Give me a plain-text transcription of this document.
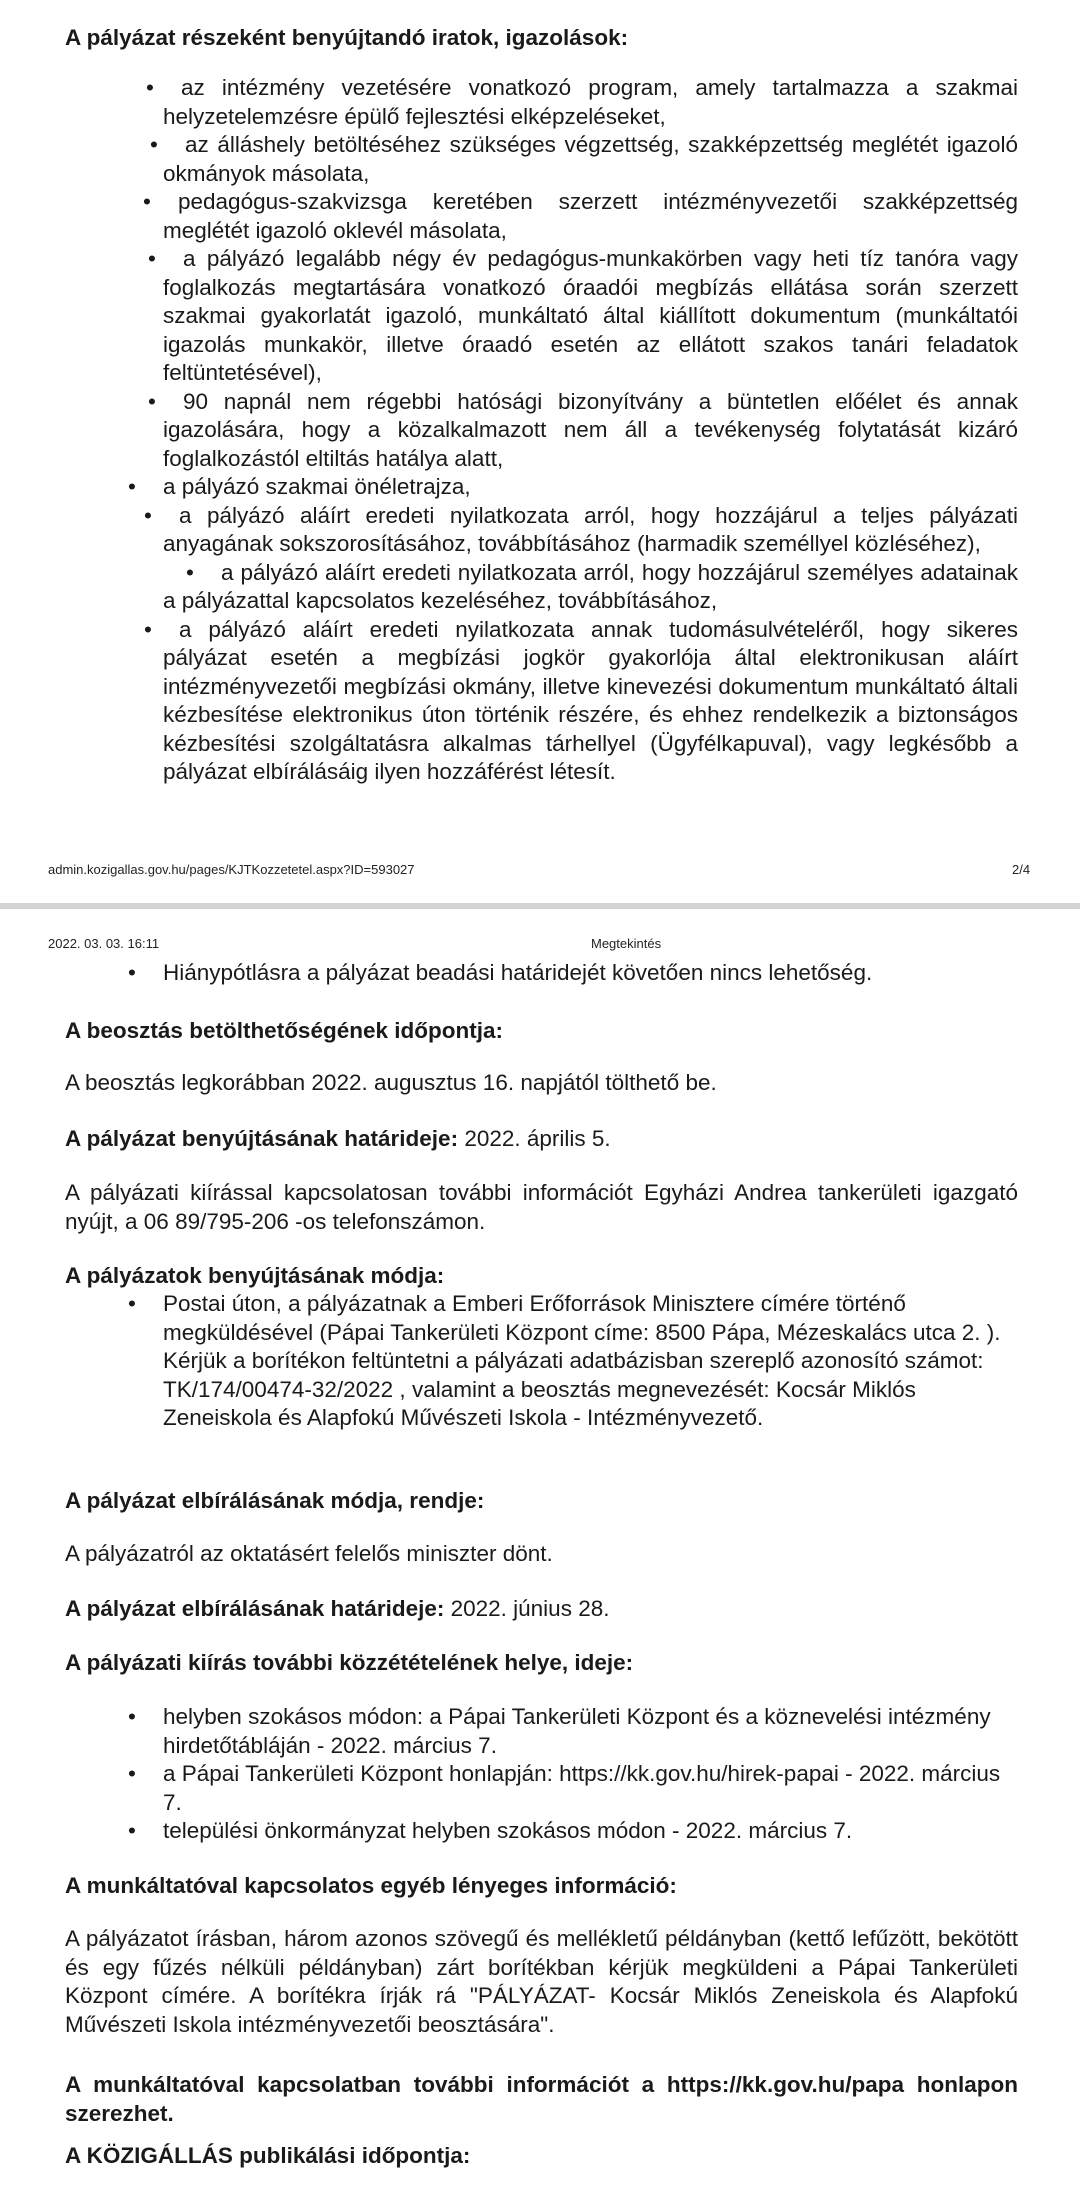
A pályázat részeként benyújtandó iratok, igazolások:

• az intézmény vezetésére vonatkozó program, amely tartalmazza a szakmai helyzetelemzésre épülő fejlesztési elképzeléseket,
• az álláshely betöltéséhez szükséges végzettség, szakképzettség meglétét igazoló okmányok másolata,
• pedagógus-szakvizsga keretében szerzett intézményvezetői szakképzettség meglétét igazoló oklevél másolata,
• a pályázó legalább négy év pedagógus-munkakörben vagy heti tíz tanóra vagy foglalkozás megtartására vonatkozó óraadói megbízás ellátása során szerzett szakmai gyakorlatát igazoló, munkáltató által kiállított dokumentum (munkáltatói igazolás munkakör, illetve óraadó esetén az ellátott szakos tanári feladatok feltüntetésével),
• 90 napnál nem régebbi hatósági bizonyítvány a büntetlen előélet és annak igazolására, hogy a közalkalmazott nem áll a tevékenység folytatását kizáró foglalkozástól eltiltás hatálya alatt,
• a pályázó szakmai önéletrajza,
• a pályázó aláírt eredeti nyilatkozata arról, hogy hozzájárul a teljes pályázati anyagának sokszorosításához, továbbításához (harmadik személlyel közléséhez),
• a pályázó aláírt eredeti nyilatkozata arról, hogy hozzájárul személyes adatainak a pályázattal kapcsolatos kezeléséhez, továbbításához,
• a pályázó aláírt eredeti nyilatkozata annak tudomásulvételéről, hogy sikeres pályázat esetén a megbízási jogkör gyakorlója által elektronikusan aláírt intézményvezetői megbízási okmány, illetve kinevezési dokumentum munkáltató általi kézbesítése elektronikus úton történik részére, és ehhez rendelkezik a biztonságos kézbesítési szolgáltatásra alkalmas tárhellyel (Ügyfélkapuval), vagy legkésőbb a pályázat elbírálásáig ilyen hozzáférést létesít.
admin.kozigallas.gov.hu/pages/KJTKozzetetel.aspx?ID=593027	2/4
2022. 03. 03. 16:11	Megtekintés
• Hiánypótlásra a pályázat beadási határidejét követően nincs lehetőség.

A beosztás betölthetőségének időpontja:

A beosztás legkorábban 2022. augusztus 16. napjától tölthető be.

A pályázat benyújtásának határideje: 2022. április 5.

A pályázati kiírással kapcsolatosan további információt Egyházi Andrea tankerületi igazgató nyújt, a 06 89/795-206 -os telefonszámon.

A pályázatok benyújtásának módja:

• Postai úton, a pályázatnak a Emberi Erőforrások Minisztere címére történő megküldésével (Pápai Tankerületi Központ címe: 8500 Pápa, Mézeskalács utca 2. ). Kérjük a borítékon feltüntetni a pályázati adatbázisban szereplő azonosító számot: TK/174/00474-32/2022 , valamint a beosztás megnevezését: Kocsár Miklós Zeneiskola és Alapfokú Művészeti Iskola - Intézményvezető.

A pályázat elbírálásának módja, rendje:

A pályázatról az oktatásért felelős miniszter dönt.

A pályázat elbírálásának határideje: 2022. június 28.

A pályázati kiírás további közzétételének helye, ideje:

• helyben szokásos módon: a Pápai Tankerületi Központ és a köznevelési intézmény hirdetőtábláján - 2022. március 7.
• a Pápai Tankerületi Központ honlapján: https://kk.gov.hu/hirek-papai - 2022. március 7.
• települési önkormányzat helyben szokásos módon - 2022. március 7.

A munkáltatóval kapcsolatos egyéb lényeges információ:

A pályázatot írásban, három azonos szövegű és mellékletű példányban (kettő lefűzött, bekötött és egy fűzés nélküli példányban) zárt borítékban kérjük megküldeni a Pápai Tankerületi Központ címére. A borítékra írják rá "PÁLYÁZAT- Kocsár Miklós Zeneiskola és Alapfokú Művészeti Iskola intézményvezetői beosztására".

A munkáltatóval kapcsolatban további információt a https://kk.gov.hu/papa honlapon szerezhet.

A KÖZIGÁLLÁS publikálási időpontja:
